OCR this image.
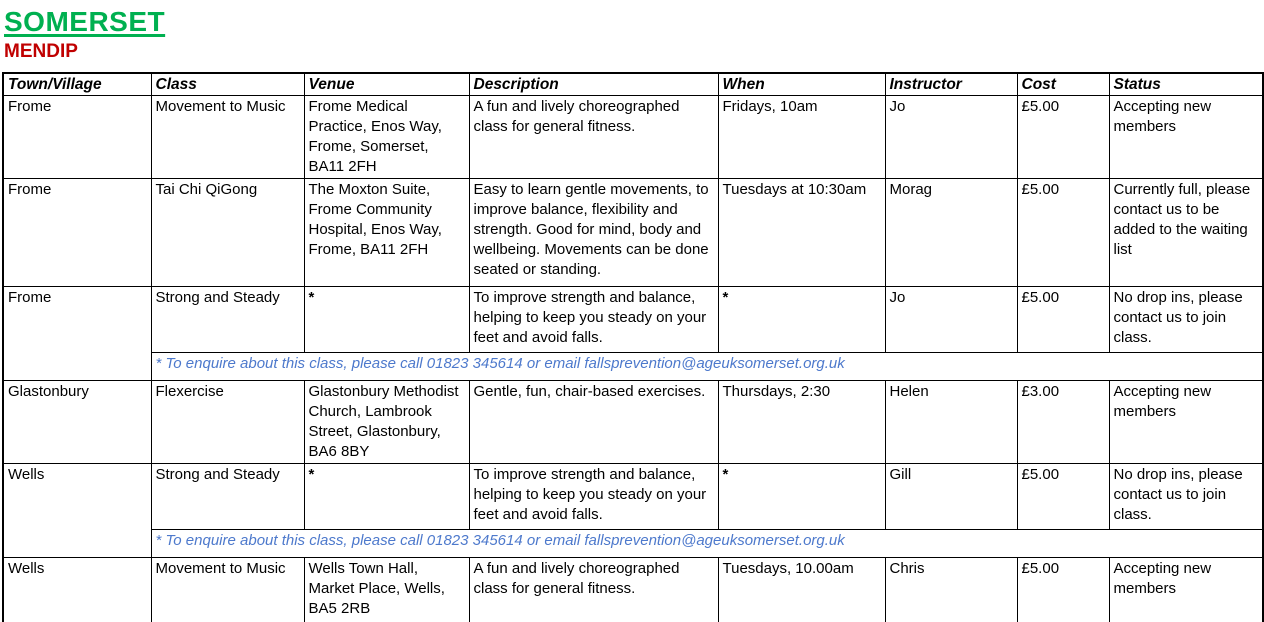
SOMERSET
MENDIP
Town/Village	Class	Venue	Description	When	Instructor	Cost	Status
Frome	Movement to Music	Frome Medical Practice, Enos Way, Frome, Somerset, BA11 2FH	A fun and lively choreographed class for general fitness.	Fridays, 10am	Jo	£5.00	Accepting new members
Frome	Tai Chi QiGong	The Moxton Suite, Frome Community Hospital, Enos Way, Frome, BA11 2FH	Easy to learn gentle movements, to improve balance, flexibility and strength. Good for mind, body and wellbeing. Movements can be done seated or standing.	Tuesdays at 10:30am	Morag	£5.00	Currently full, please contact us to be added to the waiting list
Frome	Strong and Steady	*	To improve strength and balance, helping to keep you steady on your feet and avoid falls.	*	Jo	£5.00	No drop ins, please contact us to join class.
	* To enquire about this class, please call 01823 345614 or email fallsprevention@ageuksomerset.org.uk						
Glastonbury	Flexercise	Glastonbury Methodist Church, Lambrook Street, Glastonbury, BA6 8BY	Gentle, fun, chair-based exercises.	Thursdays, 2:30	Helen	£3.00	Accepting new members
Wells	Strong and Steady	*	To improve strength and balance, helping to keep you steady on your feet and avoid falls.	*	Gill	£5.00	No drop ins, please contact us to join class.
	* To enquire about this class, please call 01823 345614 or email fallsprevention@ageuksomerset.org.uk						
Wells	Movement to Music	Wells Town Hall, Market Place, Wells, BA5 2RB	A fun and lively choreographed class for general fitness.	Tuesdays, 10.00am	Chris	£5.00	Accepting new members
